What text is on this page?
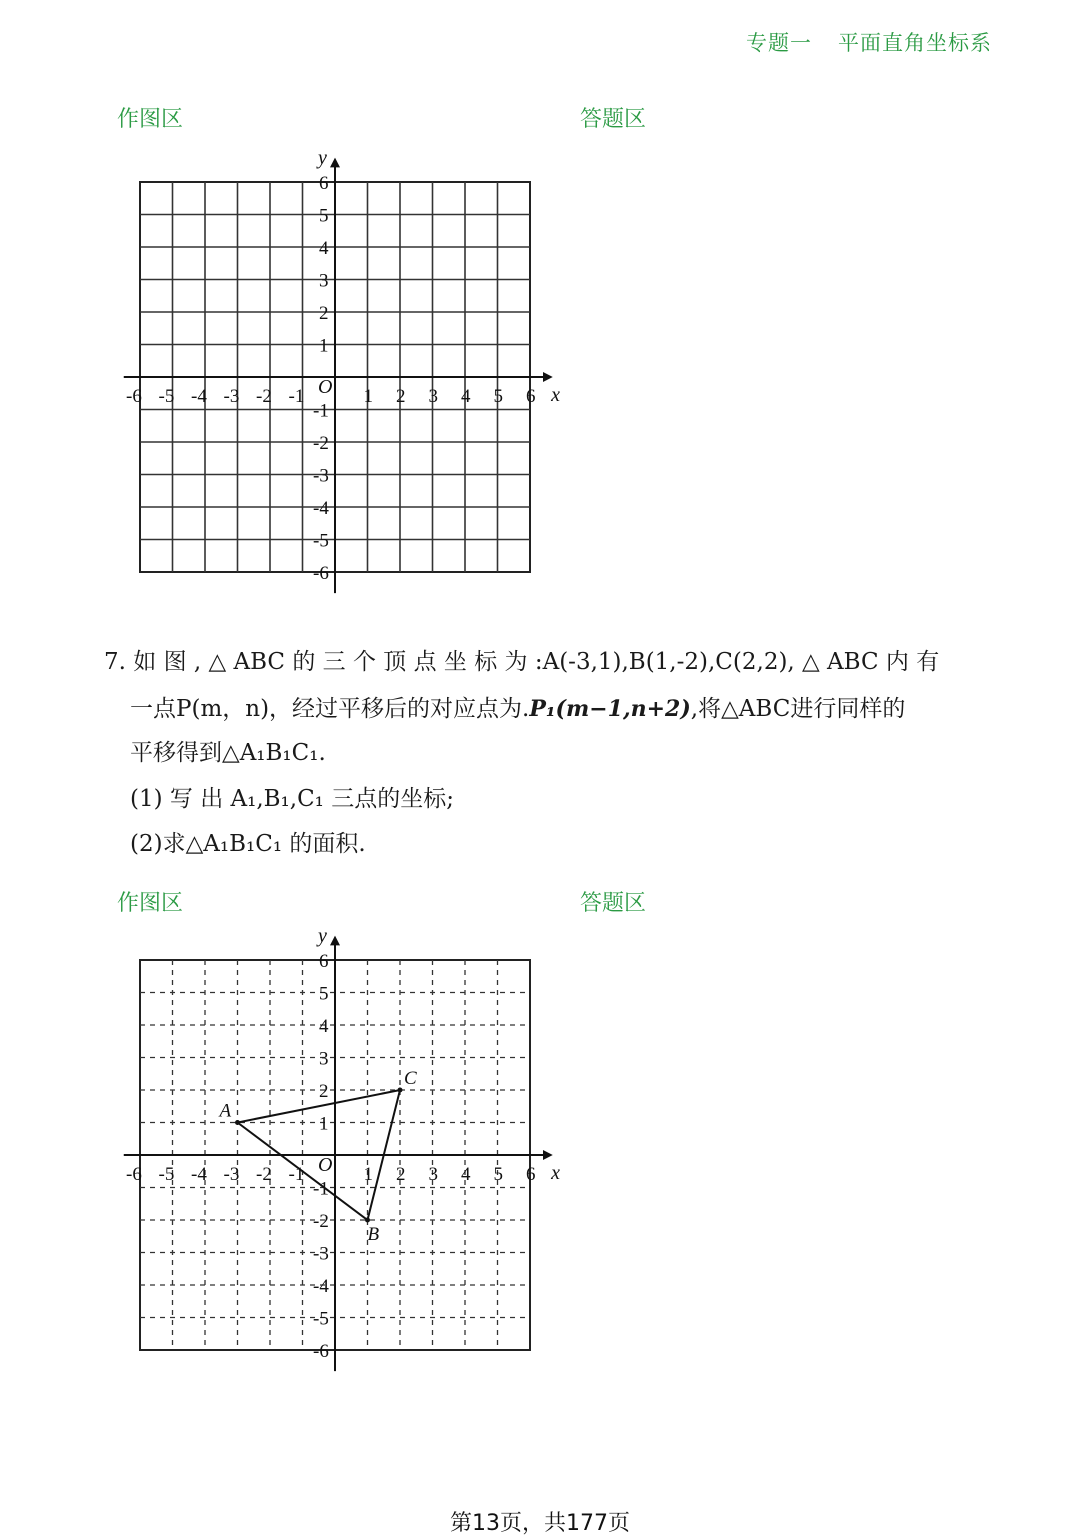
专题一 平面直角坐标系
作图区	答题区
x
y
O
-6 -5 -4 -3 -2 -1	1 2 3 4 5 6
6
5
4
3
2
1
-1
-2
-3
-4
-5
-6
7. 如 图 , △ ABC 的 三 个 顶 点 坐 标 为 :A(-3,1),B(1,-2),C(2,2), △ ABC 内 有
一点P(m，n)，经过平移后的对应点为.P₁(m−1,n+2),将△ABC进行同样的
平移得到△A₁B₁C₁.
(1) 写 出 A₁,B₁,C₁ 三点的坐标;
(2)求△A₁B₁C₁ 的面积.
作图区	答题区
x
y
O
-6 -5 -4 -3 -2 -1	1 2 3 4 5 6
6
5
4
3
2
1
-1
-2
-3
-4
-5
-6
A
B
C
第13页，共177页
